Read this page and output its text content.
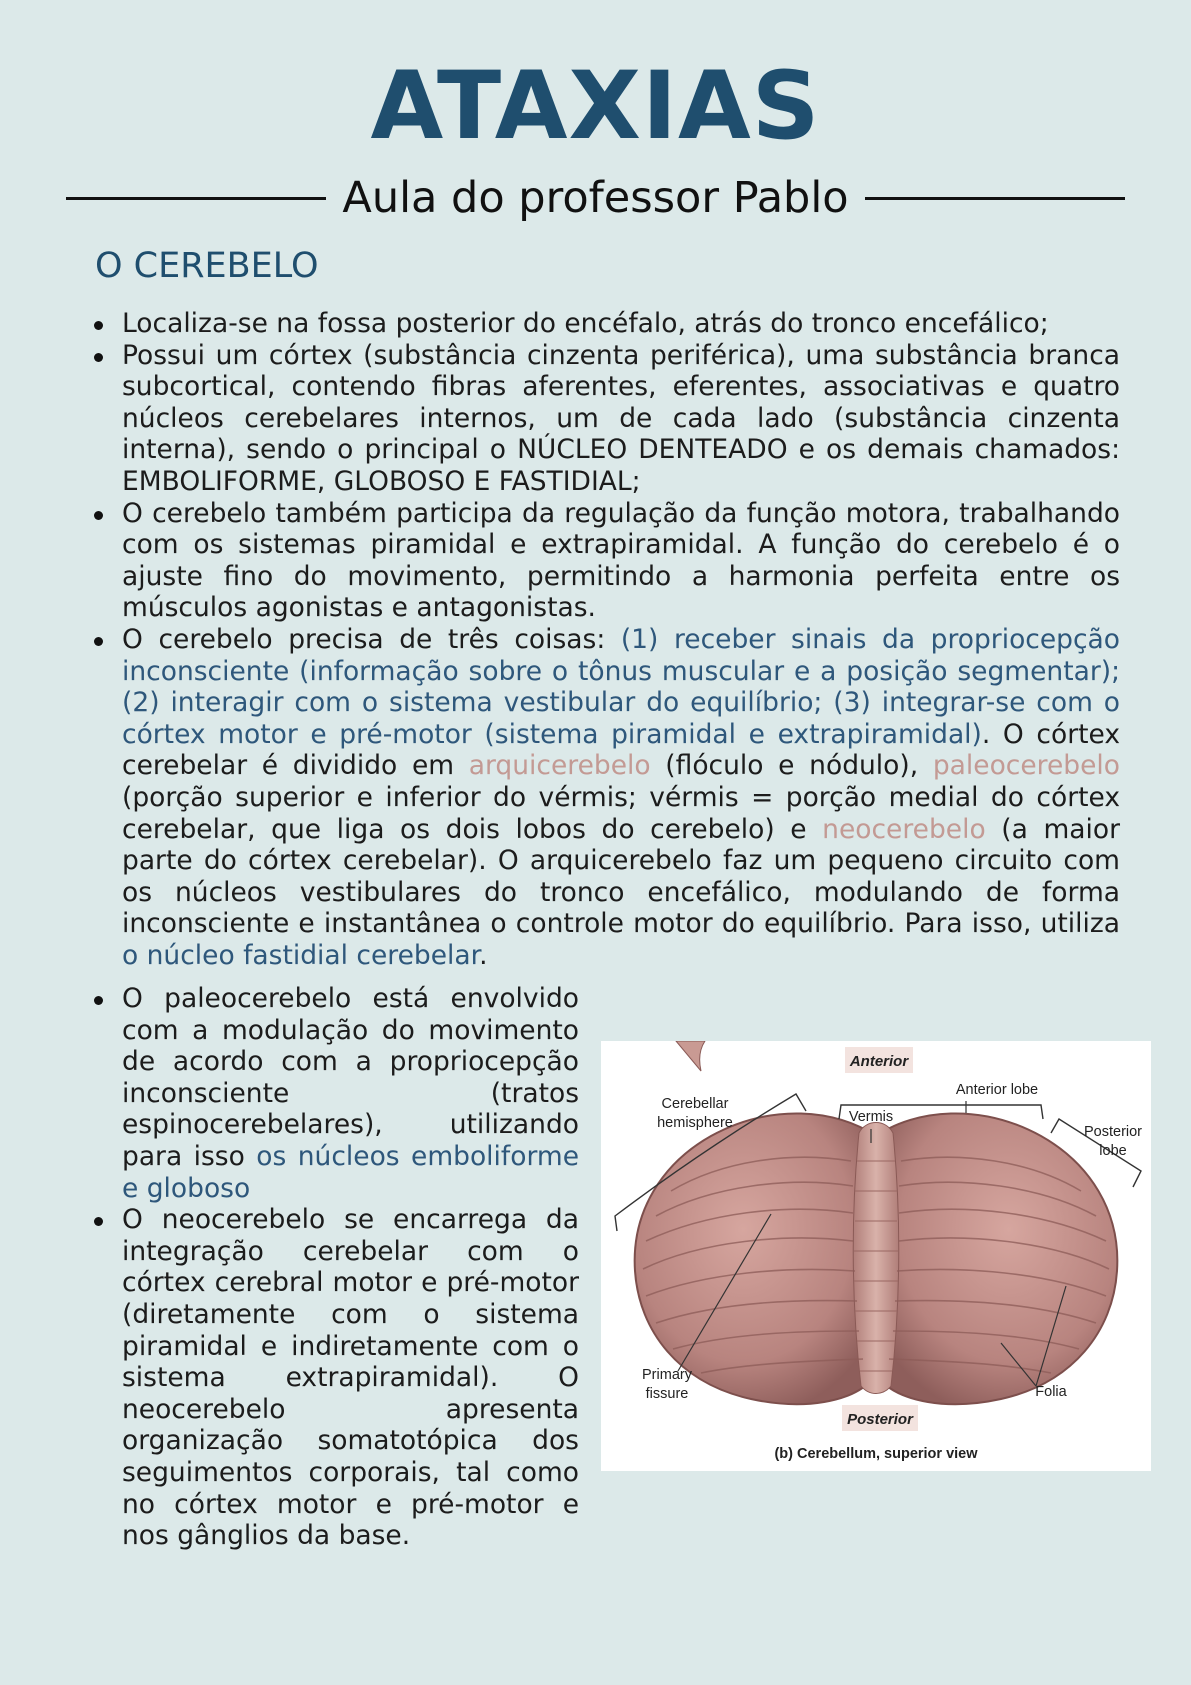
ATAXIAS
Aula do professor Pablo
O CEREBELO
Localiza-se na fossa posterior do encéfalo, atrás do tronco encefálico;
Possui um córtex (substância cinzenta periférica), uma substância branca subcortical, contendo fibras aferentes, eferentes, associativas e quatro núcleos cerebelares internos, um de cada lado (substância cinzenta interna), sendo o principal o NÚCLEO DENTEADO e os demais chamados: EMBOLIFORME, GLOBOSO E FASTIDIAL;
O cerebelo também participa da regulação da função motora, trabalhando com os sistemas piramidal e extrapiramidal. A função do cerebelo é o ajuste fino do movimento, permitindo a harmonia perfeita entre os músculos agonistas e antagonistas.
O cerebelo precisa de três coisas: (1) receber sinais da propriocepção inconsciente (informação sobre o tônus muscular e a posição segmentar); (2) interagir com o sistema vestibular do equilíbrio; (3) integrar-se com o córtex motor e pré-motor (sistema piramidal e extrapiramidal). O córtex cerebelar é dividido em arquicerebelo (flóculo e nódulo), paleocerebelo (porção superior e inferior do vérmis; vérmis = porção medial do córtex cerebelar, que liga os dois lobos do cerebelo) e neocerebelo (a maior parte do córtex cerebelar). O arquicerebelo faz um pequeno circuito com os núcleos vestibulares do tronco encefálico, modulando de forma inconsciente e instantânea o controle motor do equilíbrio. Para isso, utiliza o núcleo fastidial cerebelar.
O paleocerebelo está envolvido com a modulação do movimento de acordo com a propriocepção inconsciente (tratos espinocerebelares), utilizando para isso os núcleos emboliforme e globoso
O neocerebelo se encarrega da integração cerebelar com o córtex cerebral motor e pré-motor (diretamente com o sistema piramidal e indiretamente com o sistema extrapiramidal). O neocerebelo apresenta organização somatotópica dos seguimentos corporais, tal como no córtex motor e pré-motor e nos gânglios da base.
Anterior
Anterior lobe
Vermis
Cerebellar
hemisphere
Posterior
lobe
Primary
fissure	Folia
Posterior
(b) Cerebellum, superior view
